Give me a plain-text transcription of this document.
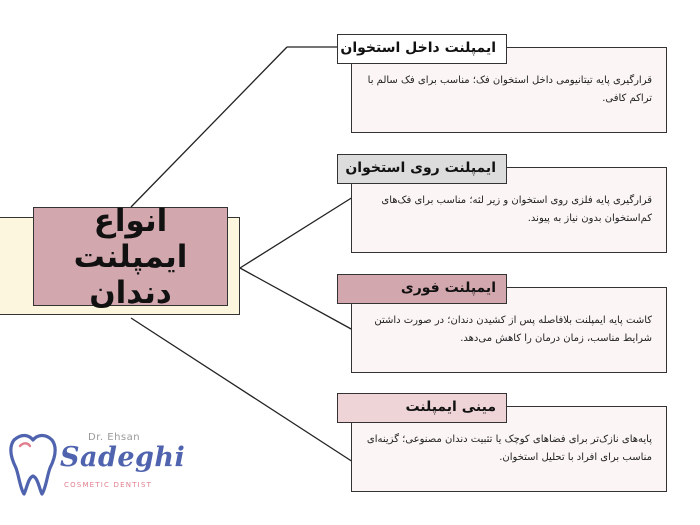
انواع ایمپلنت دندان
قرارگیری پایه تیتانیومی داخل استخوان فک؛ مناسب برای فک سالم با تراکم کافی.
ایمپلنت داخل استخوان
قرارگیری پایه فلزی روی استخوان و زیر لثه؛ مناسب برای فک‌های کم‌استخوان بدون نیاز به پیوند.
ایمپلنت روی استخوان
کاشت پایه ایمپلنت بلافاصله پس از کشیدن دندان؛ در صورت داشتن شرایط مناسب، زمان درمان را کاهش می‌دهد.
ایمپلنت فوری
پایه‌های نازک‌تر برای فضاهای کوچک یا تثبیت دندان مصنوعی؛ گزینه‌ای مناسب برای افراد با تحلیل استخوان.
مینی ایمپلنت
Dr. Ehsan
Sadeghi
COSMETIC DENTIST
